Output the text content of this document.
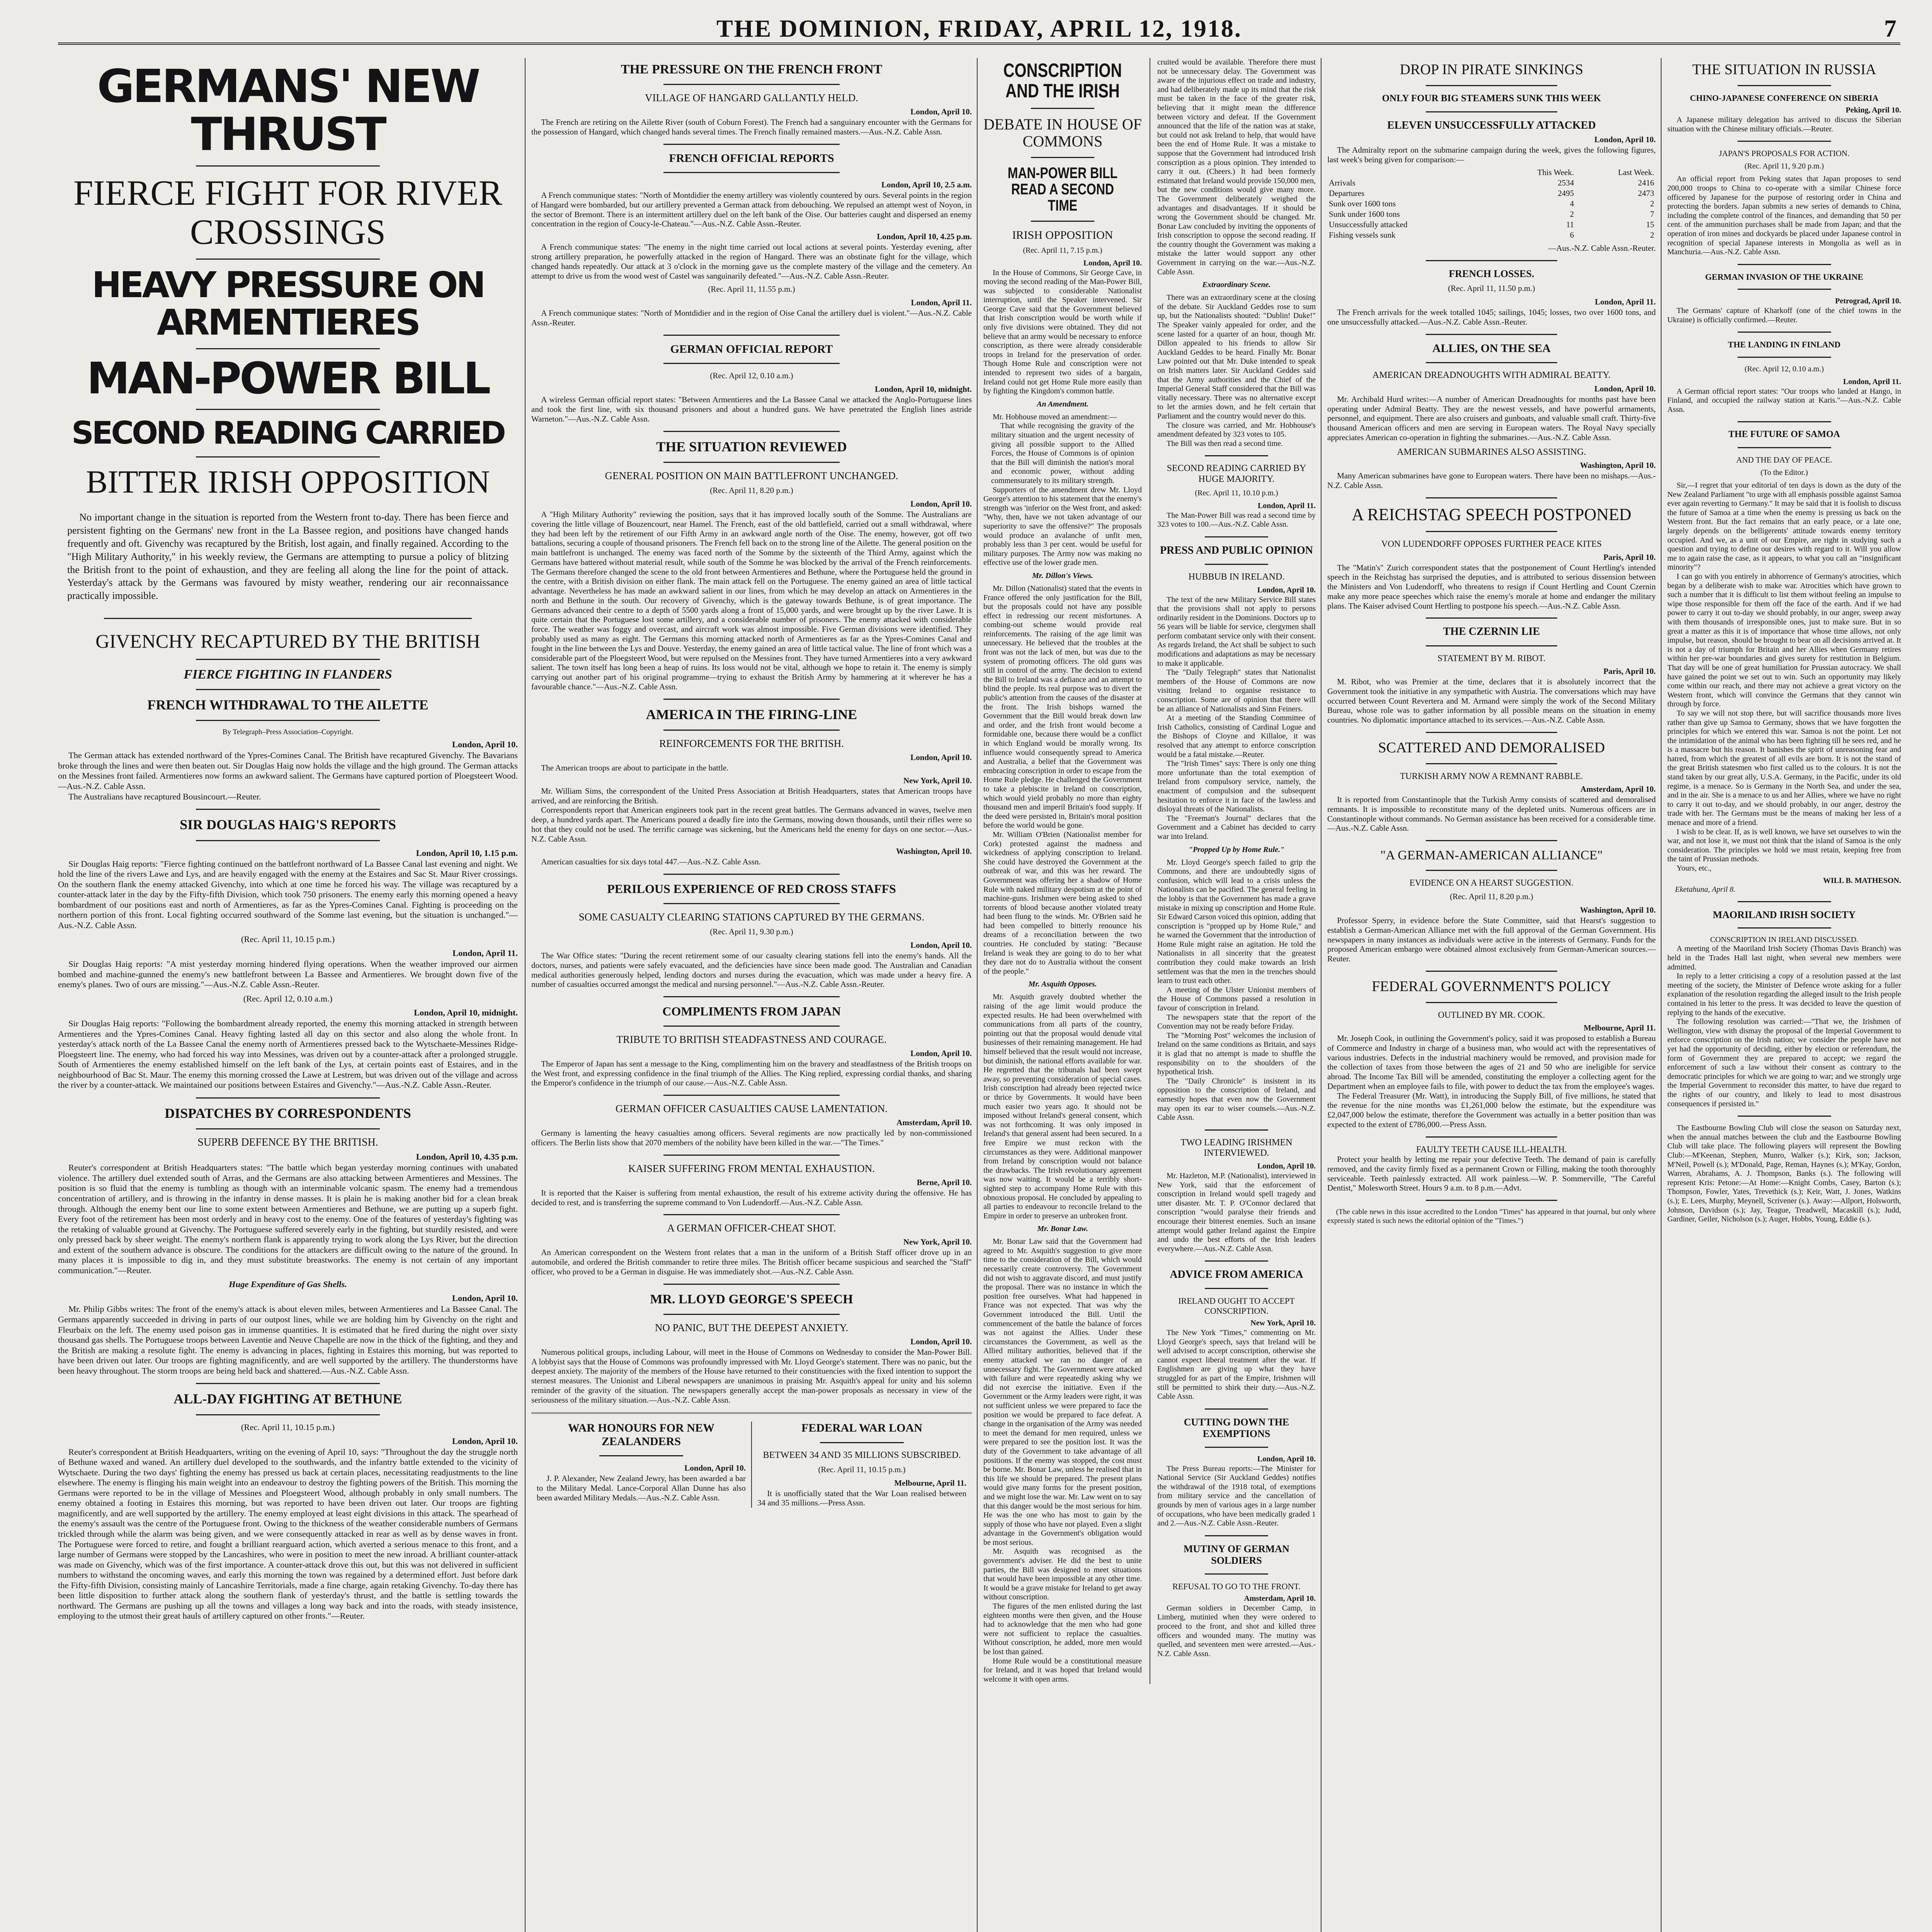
THE DOMINION, FRIDAY, APRIL 12, 1918.	7
GERMANS' NEW THRUST
FIERCE FIGHT FOR RIVER CROSSINGS
HEAVY PRESSURE ON ARMENTIERES
MAN-POWER BILL
SECOND READING CARRIED
BITTER IRISH OPPOSITION

No important change in the situation is reported from the Western front to-day. There has been fierce and persistent fighting on the Germans' new front in the La Bassee region, and positions have changed hands frequently and oft. Givenchy was recaptured by the British, lost again, and finally regained. According to the "High Military Authority," in his weekly review, the Germans are attempting to pursue a policy of blitzing the British front to the point of exhaustion, and they are feeling all along the line for the point of attack. Yesterday's attack by the Germans was favoured by misty weather, rendering our air reconnaissance practically impossible.

GIVENCHY RECAPTURED BY THE BRITISH
FIERCE FIGHTING IN FLANDERS
FRENCH WITHDRAWAL TO THE AILETTE
By Telegraph–Press Association–Copyright.
London, April 10.

The German attack has extended northward of the Ypres-Comines Canal. The British have recaptured Givenchy. The Bavarians broke through the lines and were then beaten out. Sir Douglas Haig now holds the village and the high ground. The German attacks on the Messines front failed. Armentieres now forms an awkward salient. The Germans have captured portion of Ploegsteert Wood.—Aus.-N.Z. Cable Assn.

The Australians have recaptured Bousincourt.—Reuter.

SIR DOUGLAS HAIG'S REPORTS
London, April 10, 1.15 p.m.

Sir Douglas Haig reports: "Fierce fighting continued on the battlefront northward of La Bassee Canal last evening and night. We hold the line of the rivers Lawe and Lys, and are heavily engaged with the enemy at the Estaires and Sac St. Maur River crossings. On the southern flank the enemy attacked Givenchy, into which at one time he forced his way. The village was recaptured by a counter-attack later in the day by the Fifty-fifth Division, which took 750 prisoners. The enemy early this morning opened a heavy bombardment of our positions east and north of Armentieres, as far as the Ypres-Comines Canal. Fighting is proceeding on the northern portion of this front. Local fighting occurred southward of the Somme last evening, but the situation is unchanged."—Aus.-N.Z. Cable Assn.

(Rec. April 11, 10.15 p.m.)
London, April 11.

Sir Douglas Haig reports: "A mist yesterday morning hindered flying operations. When the weather improved our airmen bombed and machine-gunned the enemy's new battlefront between La Bassee and Armentieres. We brought down five of the enemy's planes. Two of ours are missing."—Aus.-N.Z. Cable Assn.-Reuter.

(Rec. April 12, 0.10 a.m.)
London, April 10, midnight.

Sir Douglas Haig reports: "Following the bombardment already reported, the enemy this morning attacked in strength between Armentieres and the Ypres-Comines Canal. Heavy fighting lasted all day on this sector and also along the whole front. In yesterday's attack north of the La Bassee Canal the enemy north of Armentieres pressed back to the Wytschaete-Messines Ridge-Ploegsteert line. The enemy, who had forced his way into Messines, was driven out by a counter-attack after a prolonged struggle. South of Armentieres the enemy established himself on the left bank of the Lys, at certain points east of Estaires, and in the neighbourhood of Bac St. Maur. The enemy this morning crossed the Lawe at Lestrem, but was driven out of the village and across the river by a counter-attack. We maintained our positions between Estaires and Givenchy."—Aus.-N.Z. Cable Assn.-Reuter.

DISPATCHES BY CORRESPONDENTS
SUPERB DEFENCE BY THE BRITISH.
London, April 10, 4.35 p.m.

Reuter's correspondent at British Headquarters states: "The battle which began yesterday morning continues with unabated violence. The artillery duel extended south of Arras, and the Germans are also attacking between Armentieres and Messines. The position is so fluid that the enemy is tumbling as though with an interminable volcanic spasm. The enemy had a tremendous concentration of artillery, and is throwing in the infantry in dense masses. It is plain he is making another bid for a clean break through. Although the enemy bent our line to some extent between Armentieres and Bethune, we are putting up a superb fight. Every foot of the retirement has been most orderly and in heavy cost to the enemy. One of the features of yesterday's fighting was the retaking of valuable ground at Givenchy. The Portuguese suffered severely early in the fighting, but sturdily resisted, and were only pressed back by sheer weight. The enemy's northern flank is apparently trying to work along the Lys River, but the direction and extent of the southern advance is obscure. The conditions for the attackers are difficult owing to the nature of the ground. In many places it is impossible to dig in, and they must substitute breastworks. The enemy is not certain of any important communication."—Reuter.

Huge Expenditure of Gas Shells.
London, April 10.

Mr. Philip Gibbs writes: The front of the enemy's attack is about eleven miles, between Armentieres and La Bassee Canal. The Germans apparently succeeded in driving in parts of our outpost lines, while we are holding him by Givenchy on the right and Fleurbaix on the left. The enemy used poison gas in immense quantities. It is estimated that he fired during the night over sixty thousand gas shells. The Portuguese troops between Laventie and Neuve Chapelle are now in the thick of the fighting, and they and the British are making a resolute fight. The enemy is advancing in places, fighting in Estaires this morning, but was reported to have been driven out later. Our troops are fighting magnificently, and are well supported by the artillery. The thunderstorms have been heavy throughout. The storm troops are being held back and shattered.—Aus.-N.Z. Cable Assn.

ALL-DAY FIGHTING AT BETHUNE
(Rec. April 11, 10.15 p.m.)
London, April 10.

Reuter's correspondent at British Headquarters, writing on the evening of April 10, says: "Throughout the day the struggle north of Bethune waxed and waned. An artillery duel developed to the southwards, and the infantry battle extended to the vicinity of Wytschaete. During the two days' fighting the enemy has pressed us back at certain places, necessitating readjustments to the line elsewhere. The enemy is flinging his main weight into an endeavour to destroy the fighting powers of the British. This morning the Germans were reported to be in the village of Messines and Ploegsteert Wood, although probably in only small numbers. The enemy obtained a footing in Estaires this morning, but was reported to have been driven out later. Our troops are fighting magnificently, and are well supported by the artillery. The enemy employed at least eight divisions in this attack. The spearhead of the enemy's assault was the centre of the Portuguese front. Owing to the thickness of the weather considerable numbers of Germans trickled through while the alarm was being given, and we were consequently attacked in rear as well as by dense waves in front. The Portuguese were forced to retire, and fought a brilliant rearguard action, which averted a serious menace to this front, and a large number of Germans were stopped by the Lancashires, who were in position to meet the new inroad. A brilliant counter-attack was made on Givenchy, which was of the first importance. A counter-attack drove this out, but this was not delivered in sufficient numbers to withstand the oncoming waves, and early this morning the town was regained by a determined effort. Just before dark the Fifty-fifth Division, consisting mainly of Lancashire Territorials, made a fine charge, again retaking Givenchy. To-day there has been little disposition to further attack along the southern flank of yesterday's thrust, and the battle is settling towards the northward. The Germans are pushing up all the towns and villages a long way back and into the roads, with steady insistence, employing to the utmost their great hauls of artillery captured on other fronts."—Reuter.

THE PRESSURE ON THE FRENCH FRONT
VILLAGE OF HANGARD GALLANTLY HELD.
London, April 10.

The French are retiring on the Ailette River (south of Coburn Forest). The French had a sanguinary encounter with the Germans for the possession of Hangard, which changed hands several times. The French finally remained masters.—Aus.-N.Z. Cable Assn.

FRENCH OFFICIAL REPORTS
London, April 10, 2.5 a.m.

A French communique states: "North of Montdidier the enemy artillery was violently countered by ours. Several points in the region of Hangard were bombarded, but our artillery prevented a German attack from debouching. We repulsed an attempt west of Noyon, in the sector of Bremont. There is an intermittent artillery duel on the left bank of the Oise. Our batteries caught and dispersed an enemy concentration in the region of Coucy-le-Chateau."—Aus.-N.Z. Cable Assn.-Reuter.

London, April 10, 4.25 p.m.

A French communique states: "The enemy in the night time carried out local actions at several points. Yesterday evening, after strong artillery preparation, he powerfully attacked in the region of Hangard. There was an obstinate fight for the village, which changed hands repeatedly. Our attack at 3 o'clock in the morning gave us the complete mastery of the village and the cemetery. An attempt to drive us from the wood west of Castel was sanguinarily defeated."—Aus.-N.Z. Cable Assn.-Reuter.

(Rec. April 11, 11.55 p.m.)
London, April 11.

A French communique states: "North of Montdidier and in the region of Oise Canal the artillery duel is violent."—Aus.-N.Z. Cable Assn.-Reuter.

GERMAN OFFICIAL REPORT
(Rec. April 12, 0.10 a.m.)
London, April 10, midnight.

A wireless German official report states: "Between Armentieres and the La Bassee Canal we attacked the Anglo-Portuguese lines and took the first line, with six thousand prisoners and about a hundred guns. We have penetrated the English lines astride Warneton."—Aus.-N.Z. Cable Assn.

THE SITUATION REVIEWED
GENERAL POSITION ON MAIN BATTLEFRONT UNCHANGED.
(Rec. April 11, 8.20 p.m.)
London, April 10.

A "High Military Authority" reviewing the position, says that it has improved locally south of the Somme. The Australians are covering the little village of Bouzencourt, near Hamel. The French, east of the old battlefield, carried out a small withdrawal, where they had been left by the retirement of our Fifth Army in an awkward angle north of the Oise. The enemy, however, got off two battalions, securing a couple of thousand prisoners. The French fell back on to the strong line of the Ailette. The general position on the main battlefront is unchanged. The enemy was faced north of the Somme by the sixteenth of the Third Army, against which the Germans have battered without material result, while south of the Somme he was blocked by the arrival of the French reinforcements. The Germans therefore changed the scene to the old front between Armentieres and Bethune, where the Portuguese held the ground in the centre, with a British division on either flank. The main attack fell on the Portuguese. The enemy gained an area of little tactical advantage. Nevertheless he has made an awkward salient in our lines, from which he may develop an attack on Armentieres in the north and Bethune in the south. Our recovery of Givenchy, which is the gateway towards Bethune, is of great importance. The Germans advanced their centre to a depth of 5500 yards along a front of 15,000 yards, and were brought up by the river Lawe. It is quite certain that the Portuguese lost some artillery, and a considerable number of prisoners. The enemy attacked with considerable force. The weather was foggy and overcast, and aircraft work was almost impossible. Five German divisions were identified. They probably used as many as eight. The Germans this morning attacked north of Armentieres as far as the Ypres-Comines Canal and fought in the line between the Lys and Douve. Yesterday, the enemy gained an area of little tactical value. The line of front which was a considerable part of the Ploegsteert Wood, but were repulsed on the Messines front. They have turned Armentieres into a very awkward salient. The town itself has long been a heap of ruins. Its loss would not be vital, although we hope to retain it. The enemy is simply carrying out another part of his original programme—trying to exhaust the British Army by hammering at it wherever he has a favourable chance."—Aus.-N.Z. Cable Assn.

AMERICA IN THE FIRING-LINE
REINFORCEMENTS FOR THE BRITISH.
London, April 10.

The American troops are about to participate in the battle.

New York, April 10.

Mr. William Sims, the correspondent of the United Press Association at British Headquarters, states that American troops have arrived, and are reinforcing the British.

Correspondents report that American engineers took part in the recent great battles. The Germans advanced in waves, twelve men deep, a hundred yards apart. The Americans poured a deadly fire into the Germans, mowing down thousands, until their rifles were so hot that they could not be used. The terrific carnage was sickening, but the Americans held the enemy for days on one sector.—Aus.-N.Z. Cable Assn.

Washington, April 10.

American casualties for six days total 447.—Aus.-N.Z. Cable Assn.

PERILOUS EXPERIENCE OF RED CROSS STAFFS
SOME CASUALTY CLEARING STATIONS CAPTURED BY THE GERMANS.
(Rec. April 11, 9.30 p.m.)
London, April 10.

The War Office states: "During the recent retirement some of our casualty clearing stations fell into the enemy's hands. All the doctors, nurses, and patients were safely evacuated, and the deficiencies have since been made good. The Australian and Canadian medical authorities generously helped, lending doctors and nurses during the evacuation, which was made under a heavy fire. A number of casualties occurred amongst the medical and nursing personnel."—Aus.-N.Z. Cable Assn.-Reuter.

COMPLIMENTS FROM JAPAN
TRIBUTE TO BRITISH STEADFASTNESS AND COURAGE.
London, April 10.

The Emperor of Japan has sent a message to the King, complimenting him on the bravery and steadfastness of the British troops on the West front, and expressing confidence in the final triumph of the Allies. The King replied, expressing cordial thanks, and sharing the Emperor's confidence in the triumph of our cause.—Aus.-N.Z. Cable Assn.

GERMAN OFFICER CASUALTIES CAUSE LAMENTATION.
Amsterdam, April 10.

Germany is lamenting the heavy casualties among officers. Several regiments are now practically led by non-commissioned officers. The Berlin lists show that 2070 members of the nobility have been killed in the war.—"The Times."

KAISER SUFFERING FROM MENTAL EXHAUSTION.
Berne, April 10.

It is reported that the Kaiser is suffering from mental exhaustion, the result of his extreme activity during the offensive. He has decided to rest, and is transferring the supreme command to Von Ludendorff.—Aus.-N.Z. Cable Assn.

A GERMAN OFFICER-CHEAT SHOT.
New York, April 10.

An American correspondent on the Western front relates that a man in the uniform of a British Staff officer drove up in an automobile, and ordered the British commander to retire three miles. The British officer became suspicious and searched the "Staff" officer, who proved to be a German in disguise. He was immediately shot.—Aus.-N.Z. Cable Assn.

MR. LLOYD GEORGE'S SPEECH
NO PANIC, BUT THE DEEPEST ANXIETY.
London, April 10.

Numerous political groups, including Labour, will meet in the House of Commons on Wednesday to consider the Man-Power Bill. A lobbyist says that the House of Commons was profoundly impressed with Mr. Lloyd George's statement. There was no panic, but the deepest anxiety. The majority of the members of the House have returned to their constituencies with the fixed intention to support the sternest measures. The Unionist and Liberal newspapers are unanimous in praising Mr. Asquith's appeal for unity and his solemn reminder of the gravity of the situation. The newspapers generally accept the man-power proposals as necessary in view of the seriousness of the military situation.—Aus.-N.Z. Cable Assn.

WAR HONOURS FOR NEW ZEALANDERS
London, April 10.

J. P. Alexander, New Zealand Jewry, has been awarded a bar to the Military Medal. Lance-Corporal Allan Dunne has also been awarded Military Medals.—Aus.-N.Z. Cable Assn.

FEDERAL WAR LOAN
BETWEEN 34 AND 35 MILLIONS SUBSCRIBED.
(Rec. April 11, 10.15 p.m.)
Melbourne, April 11.

It is unofficially stated that the War Loan realised between 34 and 35 millions.—Press Assn.

CONSCRIPTION AND THE IRISH
DEBATE IN HOUSE OF COMMONS
MAN-POWER BILL READ A SECOND TIME
IRISH OPPOSITION
(Rec. April 11, 7.15 p.m.)
London, April 10.

In the House of Commons, Sir George Cave, in moving the second reading of the Man-Power Bill, was subjected to considerable Nationalist interruption, until the Speaker intervened. Sir George Cave said that the Government believed that Irish conscription would be worth while if only five divisions were obtained. They did not believe that an army would be necessary to enforce conscription, as there were already considerable troops in Ireland for the preservation of order. Though Home Rule and conscription were not intended to represent two sides of a bargain, Ireland could not get Home Rule more easily than by fighting the Kingdom's common battle.

An Amendment.

Mr. Hobhouse moved an amendment:—

That while recognising the gravity of the military situation and the urgent necessity of giving all possible support to the Allied Forces, the House of Commons is of opinion that the Bill will diminish the nation's moral and economic power, without adding commensurately to its military strength.

Supporters of the amendment drew Mr. Lloyd George's attention to his statement that the enemy's strength was 'inferior on the West front, and asked: "Why, then, have we not taken advantage of our superiority to save the offensive?" The proposals would produce an avalanche of unfit men, probably less than 3 per cent. would be useful for military purposes. The Army now was making no effective use of the lower grade men.

Mr. Dillon's Views.

Mr. Dillon (Nationalist) stated that the events in France offered the only justification for the Bill, but the proposals could not have any possible effect in redressing our recent misfortunes. A combing-out scheme would provide real reinforcements. The raising of the age limit was unnecessary. He believed that the troubles at the front was not the lack of men, but was due to the system of promoting officers. The old guns was still in control of the army. The decision to extend the Bill to Ireland was a defiance and an attempt to blind the people. Its real purpose was to divert the public's attention from the causes of the disaster at the front. The Irish bishops warned the Government that the Bill would break down law and order, and the Irish front would become a formidable one, because there would be a conflict in which England would be morally wrong. Its influence would consequently spread to America and Australia, a belief that the Government was embracing conscription in order to escape from the Home Rule pledge. He challenged the Government to take a plebiscite in Ireland on conscription, which would yield probably no more than eighty thousand men and imperil Britain's food supply. If the deed were persisted in, Britain's moral position before the world would be gone.

Mr. William O'Brien (Nationalist member for Cork) protested against the madness and wickedness of applying conscription to Ireland. She could have destroyed the Government at the outbreak of war, and this was her reward. The Government was offering her a shadow of Home Rule with naked military despotism at the point of machine-guns. Irishmen were being asked to shed torrents of blood because another violated treaty had been flung to the winds. Mr. O'Brien said he had been compelled to bitterly renounce his dreams of a reconciliation between the two countries. He concluded by stating: "Because Ireland is weak they are going to do to her what they dare not do to Australia without the consent of the people."

Mr. Asquith Opposes.

Mr. Asquith gravely doubted whether the raising of the age limit would produce the expected results. He had been overwhelmed with communications from all parts of the country, pointing out that the proposal would denude vital businesses of their remaining management. He had himself believed that the result would not increase, but diminish, the national efforts available for war. He regretted that the tribunals had been swept away, so preventing consideration of special cases. Irish conscription had already been rejected twice or thrice by Governments. It would have been much easier two years ago. It should not be imposed without Ireland's general consent, which was not forthcoming. It was only imposed in Ireland's that general assent had been secured. In a free Empire we must reckon with the circumstances as they were. Additional manpower from Ireland by conscription would not balance the drawbacks. The Irish revolutionary agreement was now waiting. It would be a terribly short-sighted step to accompany Home Rule with this obnoxious proposal. He concluded by appealing to all parties to endeavour to reconcile Ireland to the Empire in order to preserve an unbroken front.

Mr. Bonar Law.

Mr. Bonar Law said that the Government had agreed to Mr. Asquith's suggestion to give more time to the consideration of the Bill, which would necessarily create controversy. The Government did not wish to aggravate discord, and must justify the proposal. There was no instance in which the position free ourselves. What had happened in France was not expected. That was why the Government introduced the Bill. Until the commencement of the battle the balance of forces was not against the Allies. Under these circumstances the Government, as well as the Allied military authorities, believed that if the enemy attacked we ran no danger of an unnecessary fight. The Government were attacked with failure and were repeatedly asking why we did not exercise the initiative. Even if the Government or the Army leaders were right, it was not sufficient unless we were prepared to face the position we would be prepared to face defeat. A change in the organisation of the Army was needed to meet the demand for men required, unless we were prepared to see the position lost. It was the duty of the Government to take advantage of all positions. If the enemy was stopped, the cost must be borne. Mr. Bonar Law, unless he realised that in this life we should be prepared. The present plans would give many forms for the present position, and we might lose the war. Mr. Law went on to say that this danger would be the most serious for him. He was the one who has most to gain by the supply of those who have not played. Even a slight advantage in the Government's obligation would be most serious.

Mr. Asquith was recognised as the government's adviser. He did the best to unite parties, the Bill was designed to meet situations that would have been impossible at any other time. It would be a grave mistake for Ireland to get away without conscription.

The figures of the men enlisted during the last eighteen months were then given, and the House had to acknowledge that the men who had gone were not sufficient to replace the casualties. Without conscription, he added, more men would be lost than gained.

Home Rule would be a constitutional measure for Ireland, and it was hoped that Ireland would welcome it with open arms.

cruited would be available. Therefore there must not be unnecessary delay. The Government was aware of the injurious effect on trade and industry, and had deliberately made up its mind that the risk must be taken in the face of the greater risk, believing that it might mean the difference between victory and defeat. If the Government announced that the life of the nation was at stake, but could not ask Ireland to help, that would have been the end of Home Rule. It was a mistake to suppose that the Government had introduced Irish conscription as a pious opinion. They intended to carry it out. (Cheers.) It had been formerly estimated that Ireland would provide 150,000 men, but the new conditions would give many more. The Government deliberately weighed the advantages and disadvantages. If it should be wrong the Government should be changed. Mr. Bonar Law concluded by inviting the opponents of Irish conscription to oppose the second reading. If the country thought the Government was making a mistake the latter would support any other Government in carrying on the war.—Aus.-N.Z. Cable Assn.

Extraordinary Scene.

There was an extraordinary scene at the closing of the debate. Sir Auckland Geddes rose to sum up, but the Nationalists shouted: "Dublin! Duke!" The Speaker vainly appealed for order, and the scene lasted for a quarter of an hour, though Mr. Dillon appealed to his friends to allow Sir Auckland Geddes to be heard. Finally Mr. Bonar Law pointed out that Mr. Duke intended to speak on Irish matters later. Sir Auckland Geddes said that the Army authorities and the Chief of the Imperial General Staff considered that the Bill was vitally necessary. There was no alternative except to let the armies down, and he felt certain that Parliament and the country would never do this.

The closure was carried, and Mr. Hobhouse's amendment defeated by 323 votes to 105.

The Bill was then read a second time.

SECOND READING CARRIED BY HUGE MAJORITY.
(Rec. April 11, 10.10 p.m.)
London, April 11.

The Man-Power Bill was read a second time by 323 votes to 100.—Aus.-N.Z. Cable Assn.

PRESS AND PUBLIC OPINION
HUBBUB IN IRELAND.
London, April 10.

The text of the new Military Service Bill states that the provisions shall not apply to persons ordinarily resident in the Dominions. Doctors up to 56 years will be liable for service, clergymen shall perform combatant service only with their consent. As regards Ireland, the Act shall be subject to such modifications and adaptations as may be necessary to make it applicable.

The "Daily Telegraph" states that Nationalist members of the House of Commons are now visiting Ireland to organise resistance to conscription. Some are of opinion that there will be an alliance of Nationalists and Sinn Feiners.

At a meeting of the Standing Committee of Irish Catholics, consisting of Cardinal Logue and the Bishops of Cloyne and Killaloe, it was resolved that any attempt to enforce conscription would be a fatal mistake.—Reuter.

The "Irish Times" says: There is only one thing more unfortunate than the total exemption of Ireland from compulsory service, namely, the enactment of compulsion and the subsequent hesitation to enforce it in face of the lawless and disloyal threats of the Nationalists.

The "Freeman's Journal" declares that the Government and a Cabinet has decided to carry war into Ireland.

"Propped Up by Home Rule."

Mr. Lloyd George's speech failed to grip the Commons, and there are undoubtedly signs of confusion, which will lead to a crisis unless the Nationalists can be pacified. The general feeling in the lobby is that the Government has made a grave mistake in mixing up conscription and Home Rule. Sir Edward Carson voiced this opinion, adding that conscription is "propped up by Home Rule," and he warned the Government that the introduction of Home Rule might raise an agitation. He told the Nationalists in all sincerity that the greatest contribution they could make towards an Irish settlement was that the men in the trenches should learn to trust each other.

A meeting of the Ulster Unionist members of the House of Commons passed a resolution in favour of conscription in Ireland.

The newspapers state that the report of the Convention may not be ready before Friday.

The "Morning Post" welcomes the inclusion of Ireland on the same conditions as Britain, and says it is glad that no attempt is made to shuffle the responsibility on to the shoulders of the hypothetical Irish.

The "Daily Chronicle" is insistent in its opposition to the conscription of Ireland, and earnestly hopes that even now the Government may open its ear to wiser counsels.—Aus.-N.Z. Cable Assn.

TWO LEADING IRISHMEN INTERVIEWED.
London, April 10.

Mr. Hazleton, M.P. (Nationalist), interviewed in New York, said that the enforcement of conscription in Ireland would spell tragedy and utter disaster. Mr. T. P. O'Connor declared that conscription "would paralyse their friends and encourage their bitterest enemies. Such an insane attempt would gather Ireland against the Empire and undo the best efforts of the Irish leaders everywhere.—Aus.-N.Z. Cable Assn.

ADVICE FROM AMERICA
IRELAND OUGHT TO ACCEPT CONSCRIPTION.
New York, April 10.

The New York "Times," commenting on Mr. Lloyd George's speech, says that Ireland will be well advised to accept conscription, otherwise she cannot expect liberal treatment after the war. If Englishmen are giving up what they have struggled for as part of the Empire, Irishmen will still be permitted to shirk their duty.—Aus.-N.Z. Cable Assn.

CUTTING DOWN THE EXEMPTIONS
London, April 10.

The Press Bureau reports:—The Minister for National Service (Sir Auckland Geddes) notifies the withdrawal of the 1918 total, of exemptions from military service and the cancellation of grounds by men of various ages in a large number of occupations, who have been medically graded 1 and 2.—Aus.-N.Z. Cable Assn.-Reuter.

MUTINY OF GERMAN SOLDIERS
REFUSAL TO GO TO THE FRONT.
Amsterdam, April 10.

German soldiers in December Camp, in Limberg, mutinied when they were ordered to proceed to the front, and shot and killed three officers and wounded many. The mutiny was quelled, and seventeen men were arrested.—Aus.-N.Z. Cable Assn.

DROP IN PIRATE SINKINGS
ONLY FOUR BIG STEAMERS SUNK THIS WEEK
ELEVEN UNSUCCESSFULLY ATTACKED
London, April 10.

The Admiralty report on the submarine campaign during the week, gives the following figures, last week's being given for comparison:—

	This Week.	Last Week.
Arrivals	2534	2416
Departures	2495	2473
Sunk over 1600 tons	4	2
Sunk under 1600 tons	2	7
Unsuccessfully attacked	11	15
Fishing vessels sunk	6	2
—Aus.-N.Z. Cable Assn.-Reuter.
FRENCH LOSSES.
(Rec. April 11, 11.50 p.m.)
London, April 11.

The French arrivals for the week totalled 1045; sailings, 1045; losses, two over 1600 tons, and one unsuccessfully attacked.—Aus.-N.Z. Cable Assn.-Reuter.

ALLIES, ON THE SEA
AMERICAN DREADNOUGHTS WITH ADMIRAL BEATTY.
London, April 10.

Mr. Archibald Hurd writes:—A number of American Dreadnoughts for months past have been operating under Admiral Beatty. They are the newest vessels, and have powerful armaments, personnel, and equipment. There are also cruisers and gunboats, and valuable small craft. Thirty-five thousand American officers and men are serving in European waters. The Royal Navy specially appreciates American co-operation in fighting the submarines.—Aus.-N.Z. Cable Assn.

AMERICAN SUBMARINES ALSO ASSISTING.
Washington, April 10.

Many American submarines have gone to European waters. There have been no mishaps.—Aus.-N.Z. Cable Assn.

A REICHSTAG SPEECH POSTPONED
VON LUDENDORFF OPPOSES FURTHER PEACE KITES
Paris, April 10.

The "Matin's" Zurich correspondent states that the postponement of Count Hertling's intended speech in the Reichstag has surprised the deputies, and is attributed to serious dissension between the Ministers and Von Ludendorff, who threatens to resign if Count Hertling and Count Czernin make any more peace speeches which raise the enemy's morale at home and endanger the military plans. The Kaiser advised Count Hertling to postpone his speech.—Aus.-N.Z. Cable Assn.

THE CZERNIN LIE
STATEMENT BY M. RIBOT.
Paris, April 10.

M. Ribot, who was Premier at the time, declares that it is absolutely incorrect that the Government took the initiative in any sympathetic with Austria. The conversations which may have occurred between Count Revertera and M. Armand were simply the work of the Second Military Bureau, whose role was to gather information by all possible means on the situation in enemy countries. No diplomatic importance attached to its services.—Aus.-N.Z. Cable Assn.

SCATTERED AND DEMORALISED
TURKISH ARMY NOW A REMNANT RABBLE.
Amsterdam, April 10.

It is reported from Constantinople that the Turkish Army consists of scattered and demoralised remnants. It is impossible to reconstitute many of the depleted units. Numerous officers are in Constantinople without commands. No German assistance has been received for a considerable time.—Aus.-N.Z. Cable Assn.

"A GERMAN-AMERICAN ALLIANCE"
EVIDENCE ON A HEARST SUGGESTION.
(Rec. April 11, 8.20 p.m.)
Washington, April 10.

Professor Sperry, in evidence before the State Committee, said that Hearst's suggestion to establish a German-American Alliance met with the full approval of the German Government. His newspapers in many instances as individuals were active in the interests of Germany. Funds for the proposed American embargo were obtained almost exclusively from German-American sources.—Reuter.

FEDERAL GOVERNMENT'S POLICY
OUTLINED BY MR. COOK.
Melbourne, April 11.

Mr. Joseph Cook, in outlining the Government's policy, said it was proposed to establish a Bureau of Commerce and Industry in charge of a business man, who would act with the representatives of various industries. Defects in the industrial machinery would be removed, and provision made for the collection of taxes from those between the ages of 21 and 50 who are ineligible for service abroad. The Income Tax Bill will be amended, constituting the employer a collecting agent for the Department when an employee fails to file, with power to deduct the tax from the employee's wages.

The Federal Treasurer (Mr. Watt), in introducing the Supply Bill, of five millions, he stated that the revenue for the nine months was £1,261,000 below the estimate, but the expenditure was £2,047,000 below the estimate, therefore the Government was actually in a better position than was expected to the extent of £786,000.—Press Assn.

FAULTY TEETH CAUSE ILL-HEALTH.

Protect your health by letting me repair your defective Teeth. The demand of pain is carefully removed, and the cavity firmly fixed as a permanent Crown or Filling, making the tooth thoroughly serviceable. Teeth painlessly extracted. All work painless.—W. P. Sommerville, "The Careful Dentist," Molesworth Street. Hours 9 a.m. to 8 p.m.—Advt.

(The cable news in this issue accredited to the London "Times" has appeared in that journal, but only where expressly stated is such news the editorial opinion of the "Times.")

THE SITUATION IN RUSSIA
CHINO-JAPANESE CONFERENCE ON SIBERIA
Peking, April 10.

A Japanese military delegation has arrived to discuss the Siberian situation with the Chinese military officials.—Reuter.

JAPAN'S PROPOSALS FOR ACTION.
(Rec. April 11, 9.20 p.m.)

An official report from Peking states that Japan proposes to send 200,000 troops to China to co-operate with a similar Chinese force officered by Japanese for the purpose of restoring order in China and protecting the borders. Japan submits a new series of demands to China, including the complete control of the finances, and demanding that 50 per cent. of the ammunition purchases shall be made from Japan; and that the operation of iron mines and dockyards be placed under Japanese control in recognition of special Japanese interests in Mongolia as well as in Manchuria.—Aus.-N.Z. Cable Assn.

GERMAN INVASION OF THE UKRAINE
Petrograd, April 10.

The Germans' capture of Kharkoff (one of the chief towns in the Ukraine) is officially confirmed.—Reuter.

THE LANDING IN FINLAND
(Rec. April 12, 0.10 a.m.)
London, April 11.

A German official report states: "Our troops who landed at Hango, in Finland, and occupied the railway station at Karis."—Aus.-N.Z. Cable Assn.

THE FUTURE OF SAMOA
AND THE DAY OF PEACE.
(To the Editor.)

Sir,—I regret that your editorial of ten days is down as the duty of the New Zealand Parliament "to urge with all emphasis possible against Samoa ever again reverting to Germany." It may be said that it is foolish to discuss the future of Samoa at a time when the enemy is pressing us back on the Western front. But the fact remains that an early peace, or a late one, largely depends on the belligerents' attitude towards enemy territory occupied. And we, as a unit of our Empire, are right in studying such a question and trying to define our desires with regard to it. Will you allow me to again raise the case, as it appears, to what you call an "insignificant minority"?

I can go with you entirely in abhorrence of Germany's atrocities, which began by a deliberate wish to make war. Atrocities which have grown to such a number that it is difficult to list them without feeling an impulse to wipe those responsible for them off the face of the earth. And if we had power to carry it out to-day we should probably, in our anger, sweep away with them thousands of irresponsible ones, just to make sure. But in so great a matter as this it is of importance that whose time allows, not only impulse, but reason, should be brought to bear on all decisions arrived at. It is not a day of triumph for Britain and her Allies when Germany retires within her pre-war boundaries and gives surety for restitution in Belgium. That day will be one of great humiliation for Prussian autocracy. We shall have gained the point we set out to win. Such an opportunity may likely come within our reach, and there may not achieve a great victory on the Western front, which will convince the Germans that they cannot win through by force.

To say we will not stop there, but will sacrifice thousands more lives rather than give up Samoa to Germany, shows that we have forgotten the principles for which we entered this war. Samoa is not the point. Let not the intimidation of the animal who has been fighting till he sees red, and he is a massacre but his reason. It banishes the spirit of unreasoning fear and hatred, from which the greatest of all evils are born. It is not the stand of the great British statesmen who first called us to the colours. It is not the stand taken by our great ally, U.S.A. Germany, in the Pacific, under its old regime, is a menace. So is Germany in the North Sea, and under the sea, and in the air. She is a menace to us and her Allies, where we have no right to carry it out to-day, and we should probably, in our anger, destroy the trade with her. The Germans must be the means of making her less of a menace and more of a friend.

I wish to be clear. If, as is well known, we have set ourselves to win the war, and not lose it, we must not think that the island of Samoa is the only consideration. The principles we hold we must retain, keeping free from the taint of Prussian methods.

Yours, etc.,

WILL B. MATHESON.
Eketahuna, April 8.
MAORILAND IRISH SOCIETY
CONSCRIPTION IN IRELAND DISCUSSED.

A meeting of the Maoriland Irish Society (Thomas Davis Branch) was held in the Trades Hall last night, when several new members were admitted.

In reply to a letter criticising a copy of a resolution passed at the last meeting of the society, the Minister of Defence wrote asking for a fuller explanation of the resolution regarding the alleged insult to the Irish people contained in his letter to the press. It was decided to leave the question of replying to the hands of the executive.

The following resolution was carried:—"That we, the Irishmen of Wellington, view with dismay the proposal of the Imperial Government to enforce conscription on the Irish nation; we consider the people have not yet had the opportunity of deciding, either by election or referendum, the form of Government they are prepared to accept; we regard the enforcement of such a law without their consent as contrary to the democratic principles for which we are going to war; and we strongly urge the Imperial Government to reconsider this matter, to have due regard to the rights of our country, and likely to lead to most disastrous consequences if persisted in."

The Eastbourne Bowling Club will close the season on Saturday next, when the annual matches between the club and the Eastbourne Bowling Club will take place. The following players will represent the Bowling Club:—M'Keenan, Stephen, Munro, Walker (s.); Kirk, son; Jackson, M'Neil, Powell (s.); M'Donald, Page, Reman, Haynes (s.); M'Kay, Gordon, Warren, Abrahams, A. J. Thompson, Banks (s.). The following will represent Kris: Petone:—At Home:—Knight Combs, Casey, Barton (s.); Thompson, Fowler, Yates, Trevethick (s.); Keir, Watt, J. Jones, Watkins (s.); E. Lees, Murphy, Meynell, Scrivener (s.). Away:—Allport, Holsworth, Johnson, Davidson (s.); Jay, Teague, Treadwell, Macaskill (s.); Judd, Gardiner, Geiler, Nicholson (s.); Auger, Hobbs, Young, Eddie (s.).
